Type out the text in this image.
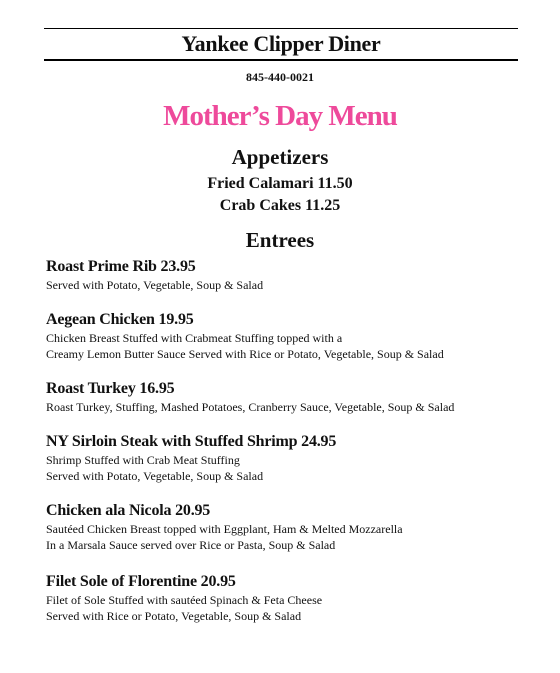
Yankee Clipper Diner
845-440-0021
Mother’s Day Menu
Appetizers
Fried Calamari 11.50
Crab Cakes 11.25
Entrees
Roast Prime Rib 23.95
Served with Potato, Vegetable, Soup & Salad
Aegean Chicken 19.95
Chicken Breast Stuffed with Crabmeat Stuffing topped with a
Creamy Lemon Butter Sauce Served with Rice or Potato, Vegetable, Soup & Salad
Roast Turkey 16.95
Roast Turkey, Stuffing, Mashed Potatoes, Cranberry Sauce, Vegetable, Soup & Salad
NY Sirloin Steak with Stuffed Shrimp 24.95
Shrimp Stuffed with Crab Meat Stuffing
Served with Potato, Vegetable, Soup & Salad
Chicken ala Nicola 20.95
Sautéed Chicken Breast topped with Eggplant, Ham & Melted Mozzarella
In a Marsala Sauce served over Rice or Pasta, Soup & Salad
Filet Sole of Florentine 20.95
Filet of Sole Stuffed with sautéed Spinach & Feta Cheese
Served with Rice or Potato, Vegetable, Soup & Salad
